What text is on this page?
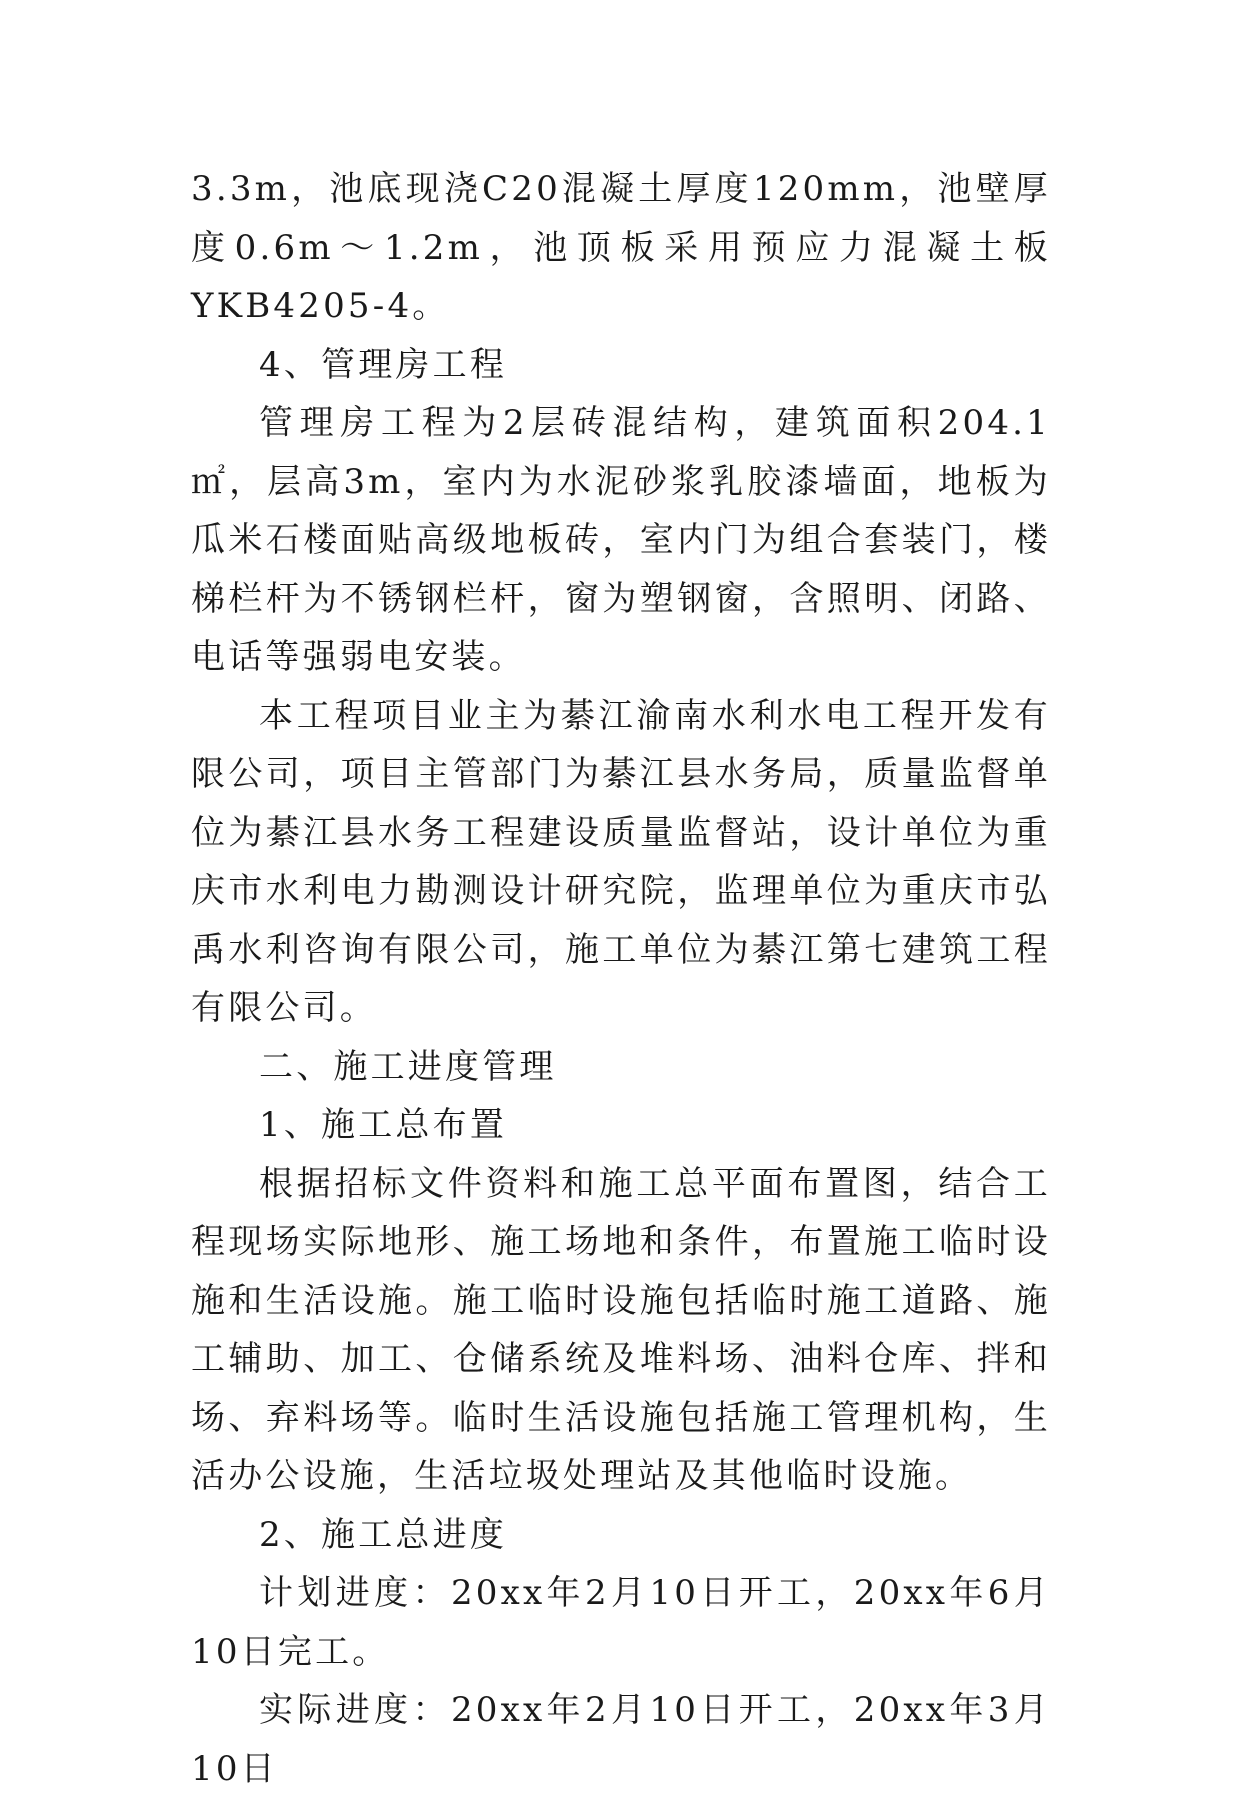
3.3m，池底现浇C20混凝土厚度120mm，池壁厚度0.6m～1.2m，池顶板采用预应力混凝土板YKB4205-4。

4、管理房工程

管理房工程为2层砖混结构，建筑面积204.1㎡，层高3m，室内为水泥砂浆乳胶漆墙面，地板为瓜米石楼面贴高级地板砖，室内门为组合套装门，楼梯栏杆为不锈钢栏杆，窗为塑钢窗，含照明、闭路、电话等强弱电安装。

本工程项目业主为綦江渝南水利水电工程开发有限公司，项目主管部门为綦江县水务局，质量监督单位为綦江县水务工程建设质量监督站，设计单位为重庆市水利电力勘测设计研究院，监理单位为重庆市弘禹水利咨询有限公司，施工单位为綦江第七建筑工程有限公司。

二、施工进度管理

1、施工总布置

根据招标文件资料和施工总平面布置图，结合工程现场实际地形、施工场地和条件，布置施工临时设施和生活设施。施工临时设施包括临时施工道路、施工辅助、加工、仓储系统及堆料场、油料仓库、拌和场、弃料场等。临时生活设施包括施工管理机构，生活办公设施，生活垃圾处理站及其他临时设施。

2、施工总进度

计划进度：20xx年2月10日开工，20xx年6月10日完工。

实际进度：20xx年2月10日开工，20xx年3月10日
